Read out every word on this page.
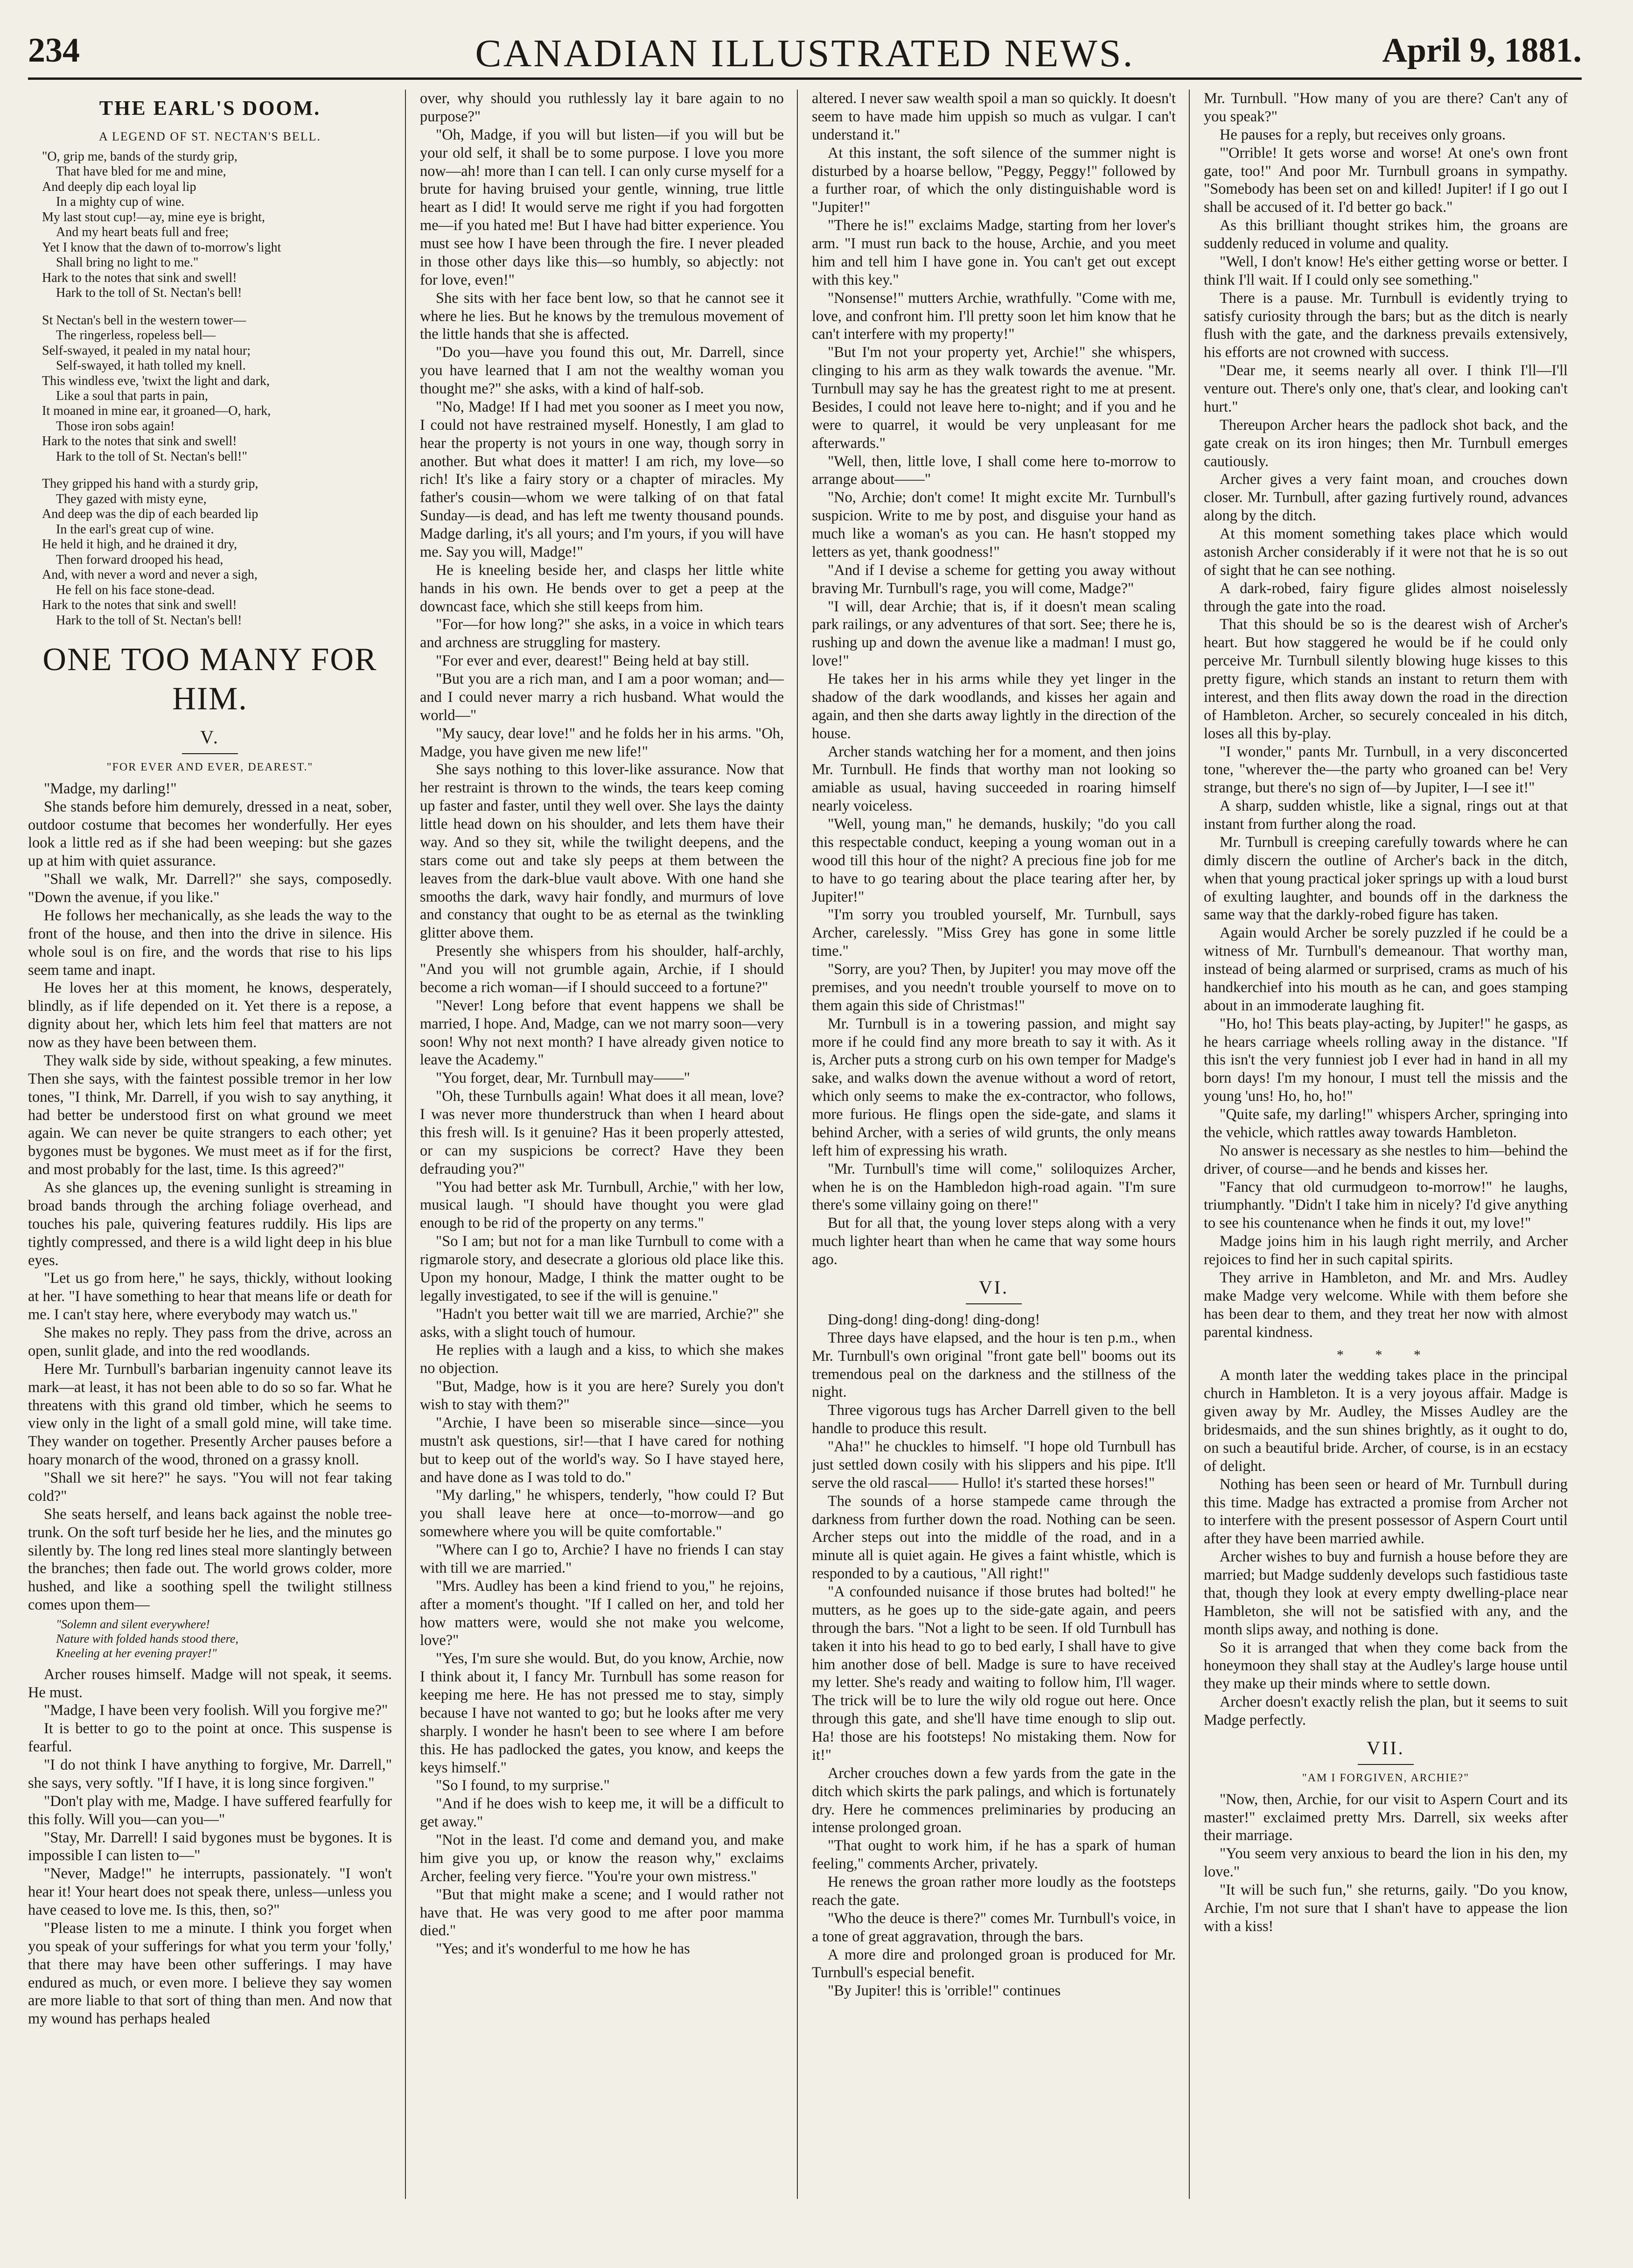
234	CANADIAN ILLUSTRATED NEWS.	April 9, 1881.
THE EARL'S DOOM.
A LEGEND OF ST. NECTAN'S BELL.
"O, grip me, bands of the sturdy grip,
That have bled for me and mine,
And deeply dip each loyal lip
In a mighty cup of wine.
My last stout cup!—ay, mine eye is bright,
And my heart beats full and free;
Yet I know that the dawn of to-morrow's light
Shall bring no light to me."
Hark to the notes that sink and swell!
Hark to the toll of St. Nectan's bell!
St Nectan's bell in the western tower—
The ringerless, ropeless bell—
Self-swayed, it pealed in my natal hour;
Self-swayed, it hath tolled my knell.
This windless eve, 'twixt the light and dark,
Like a soul that parts in pain,
It moaned in mine ear, it groaned—O, hark,
Those iron sobs again!
Hark to the notes that sink and swell!
Hark to the toll of St. Nectan's bell!"
They gripped his hand with a sturdy grip,
They gazed with misty eyne,
And deep was the dip of each bearded lip
In the earl's great cup of wine.
He held it high, and he drained it dry,
Then forward drooped his head,
And, with never a word and never a sigh,
He fell on his face stone-dead.
Hark to the notes that sink and swell!
Hark to the toll of St. Nectan's bell!
ONE TOO MANY FOR HIM.
V.
"FOR EVER AND EVER, DEAREST."

"Madge, my darling!"

She stands before him demurely, dressed in a neat, sober, outdoor costume that becomes her wonderfully. Her eyes look a little red as if she had been weeping: but she gazes up at him with quiet assurance.

"Shall we walk, Mr. Darrell?" she says, composedly. "Down the avenue, if you like."

He follows her mechanically, as she leads the way to the front of the house, and then into the drive in silence. His whole soul is on fire, and the words that rise to his lips seem tame and inapt.

He loves her at this moment, he knows, desperately, blindly, as if life depended on it. Yet there is a repose, a dignity about her, which lets him feel that matters are not now as they have been between them.

They walk side by side, without speaking, a few minutes. Then she says, with the faintest possible tremor in her low tones, "I think, Mr. Darrell, if you wish to say anything, it had better be understood first on what ground we meet again. We can never be quite strangers to each other; yet bygones must be bygones. We must meet as if for the first, and most probably for the last, time. Is this agreed?"

As she glances up, the evening sunlight is streaming in broad bands through the arching foliage overhead, and touches his pale, quivering features ruddily. His lips are tightly compressed, and there is a wild light deep in his blue eyes.

"Let us go from here," he says, thickly, without looking at her. "I have something to hear that means life or death for me. I can't stay here, where everybody may watch us."

She makes no reply. They pass from the drive, across an open, sunlit glade, and into the red woodlands.

Here Mr. Turnbull's barbarian ingenuity cannot leave its mark—at least, it has not been able to do so so far. What he threatens with this grand old timber, which he seems to view only in the light of a small gold mine, will take time. They wander on together. Presently Archer pauses before a hoary monarch of the wood, throned on a grassy knoll.

"Shall we sit here?" he says. "You will not fear taking cold?"

She seats herself, and leans back against the noble tree-trunk. On the soft turf beside her he lies, and the minutes go silently by. The long red lines steal more slantingly between the branches; then fade out. The world grows colder, more hushed, and like a soothing spell the twilight stillness comes upon them—

"Solemn and silent everywhere!
Nature with folded hands stood there,
Kneeling at her evening prayer!"

Archer rouses himself. Madge will not speak, it seems. He must.

"Madge, I have been very foolish. Will you forgive me?"

It is better to go to the point at once. This suspense is fearful.

"I do not think I have anything to forgive, Mr. Darrell," she says, very softly. "If I have, it is long since forgiven."

"Don't play with me, Madge. I have suffered fearfully for this folly. Will you—can you—"

"Stay, Mr. Darrell! I said bygones must be bygones. It is impossible I can listen to—"

"Never, Madge!" he interrupts, passionately. "I won't hear it! Your heart does not speak there, unless—unless you have ceased to love me. Is this, then, so?"

"Please listen to me a minute. I think you forget when you speak of your sufferings for what you term your 'folly,' that there may have been other sufferings. I may have endured as much, or even more. I believe they say women are more liable to that sort of thing than men. And now that my wound has perhaps healed

over, why should you ruthlessly lay it bare again to no purpose?"

"Oh, Madge, if you will but listen—if you will but be your old self, it shall be to some purpose. I love you more now—ah! more than I can tell. I can only curse myself for a brute for having bruised your gentle, winning, true little heart as I did! It would serve me right if you had forgotten me—if you hated me! But I have had bitter experience. You must see how I have been through the fire. I never pleaded in those other days like this—so humbly, so abjectly: not for love, even!"

She sits with her face bent low, so that he cannot see it where he lies. But he knows by the tremulous movement of the little hands that she is affected.

"Do you—have you found this out, Mr. Darrell, since you have learned that I am not the wealthy woman you thought me?" she asks, with a kind of half-sob.

"No, Madge! If I had met you sooner as I meet you now, I could not have restrained myself. Honestly, I am glad to hear the property is not yours in one way, though sorry in another. But what does it matter! I am rich, my love—so rich! It's like a fairy story or a chapter of miracles. My father's cousin—whom we were talking of on that fatal Sunday—is dead, and has left me twenty thousand pounds. Madge darling, it's all yours; and I'm yours, if you will have me. Say you will, Madge!"

He is kneeling beside her, and clasps her little white hands in his own. He bends over to get a peep at the downcast face, which she still keeps from him.

"For—for how long?" she asks, in a voice in which tears and archness are struggling for mastery.

"For ever and ever, dearest!" Being held at bay still.

"But you are a rich man, and I am a poor woman; and—and I could never marry a rich husband. What would the world—"

"My saucy, dear love!" and he folds her in his arms. "Oh, Madge, you have given me new life!"

She says nothing to this lover-like assurance. Now that her restraint is thrown to the winds, the tears keep coming up faster and faster, until they well over. She lays the dainty little head down on his shoulder, and lets them have their way. And so they sit, while the twilight deepens, and the stars come out and take sly peeps at them between the leaves from the dark-blue vault above. With one hand she smooths the dark, wavy hair fondly, and murmurs of love and constancy that ought to be as eternal as the twinkling glitter above them.

Presently she whispers from his shoulder, half-archly, "And you will not grumble again, Archie, if I should become a rich woman—if I should succeed to a fortune?"

"Never! Long before that event happens we shall be married, I hope. And, Madge, can we not marry soon—very soon! Why not next month? I have already given notice to leave the Academy."

"You forget, dear, Mr. Turnbull may——"

"Oh, these Turnbulls again! What does it all mean, love? I was never more thunderstruck than when I heard about this fresh will. Is it genuine? Has it been properly attested, or can my suspicions be correct? Have they been defrauding you?"

"You had better ask Mr. Turnbull, Archie," with her low, musical laugh. "I should have thought you were glad enough to be rid of the property on any terms."

"So I am; but not for a man like Turnbull to come with a rigmarole story, and desecrate a glorious old place like this. Upon my honour, Madge, I think the matter ought to be legally investigated, to see if the will is genuine."

"Hadn't you better wait till we are married, Archie?" she asks, with a slight touch of humour.

He replies with a laugh and a kiss, to which she makes no objection.

"But, Madge, how is it you are here? Surely you don't wish to stay with them?"

"Archie, I have been so miserable since—since—you mustn't ask questions, sir!—that I have cared for nothing but to keep out of the world's way. So I have stayed here, and have done as I was told to do."

"My darling," he whispers, tenderly, "how could I? But you shall leave here at once—to-morrow—and go somewhere where you will be quite comfortable."

"Where can I go to, Archie? I have no friends I can stay with till we are married."

"Mrs. Audley has been a kind friend to you," he rejoins, after a moment's thought. "If I called on her, and told her how matters were, would she not make you welcome, love?"

"Yes, I'm sure she would. But, do you know, Archie, now I think about it, I fancy Mr. Turnbull has some reason for keeping me here. He has not pressed me to stay, simply because I have not wanted to go; but he looks after me very sharply. I wonder he hasn't been to see where I am before this. He has padlocked the gates, you know, and keeps the keys himself."

"So I found, to my surprise."

"And if he does wish to keep me, it will be a difficult to get away."

"Not in the least. I'd come and demand you, and make him give you up, or know the reason why," exclaims Archer, feeling very fierce. "You're your own mistress."

"But that might make a scene; and I would rather not have that. He was very good to me after poor mamma died."

"Yes; and it's wonderful to me how he has

altered. I never saw wealth spoil a man so quickly. It doesn't seem to have made him uppish so much as vulgar. I can't understand it."

At this instant, the soft silence of the summer night is disturbed by a hoarse bellow, "Peggy, Peggy!" followed by a further roar, of which the only distinguishable word is "Jupiter!"

"There he is!" exclaims Madge, starting from her lover's arm. "I must run back to the house, Archie, and you meet him and tell him I have gone in. You can't get out except with this key."

"Nonsense!" mutters Archie, wrathfully. "Come with me, love, and confront him. I'll pretty soon let him know that he can't interfere with my property!"

"But I'm not your property yet, Archie!" she whispers, clinging to his arm as they walk towards the avenue. "Mr. Turnbull may say he has the greatest right to me at present. Besides, I could not leave here to-night; and if you and he were to quarrel, it would be very unpleasant for me afterwards."

"Well, then, little love, I shall come here to-morrow to arrange about——"

"No, Archie; don't come! It might excite Mr. Turnbull's suspicion. Write to me by post, and disguise your hand as much like a woman's as you can. He hasn't stopped my letters as yet, thank goodness!"

"And if I devise a scheme for getting you away without braving Mr. Turnbull's rage, you will come, Madge?"

"I will, dear Archie; that is, if it doesn't mean scaling park railings, or any adventures of that sort. See; there he is, rushing up and down the avenue like a madman! I must go, love!"

He takes her in his arms while they yet linger in the shadow of the dark woodlands, and kisses her again and again, and then she darts away lightly in the direction of the house.

Archer stands watching her for a moment, and then joins Mr. Turnbull. He finds that worthy man not looking so amiable as usual, having succeeded in roaring himself nearly voiceless.

"Well, young man," he demands, huskily; "do you call this respectable conduct, keeping a young woman out in a wood till this hour of the night? A precious fine job for me to have to go tearing about the place tearing after her, by Jupiter!"

"I'm sorry you troubled yourself, Mr. Turnbull, says Archer, carelessly. "Miss Grey has gone in some little time."

"Sorry, are you? Then, by Jupiter! you may move off the premises, and you needn't trouble yourself to move on to them again this side of Christmas!"

Mr. Turnbull is in a towering passion, and might say more if he could find any more breath to say it with. As it is, Archer puts a strong curb on his own temper for Madge's sake, and walks down the avenue without a word of retort, which only seems to make the ex-contractor, who follows, more furious. He flings open the side-gate, and slams it behind Archer, with a series of wild grunts, the only means left him of expressing his wrath.

"Mr. Turnbull's time will come," soliloquizes Archer, when he is on the Hambledon high-road again. "I'm sure there's some villainy going on there!"

But for all that, the young lover steps along with a very much lighter heart than when he came that way some hours ago.

VI.

Ding-dong! ding-dong! ding-dong!

Three days have elapsed, and the hour is ten p.m., when Mr. Turnbull's own original "front gate bell" booms out its tremendous peal on the darkness and the stillness of the night.

Three vigorous tugs has Archer Darrell given to the bell handle to produce this result.

"Aha!" he chuckles to himself. "I hope old Turnbull has just settled down cosily with his slippers and his pipe. It'll serve the old rascal—— Hullo! it's started these horses!"

The sounds of a horse stampede came through the darkness from further down the road. Nothing can be seen. Archer steps out into the middle of the road, and in a minute all is quiet again. He gives a faint whistle, which is responded to by a cautious, "All right!"

"A confounded nuisance if those brutes had bolted!" he mutters, as he goes up to the side-gate again, and peers through the bars. "Not a light to be seen. If old Turnbull has taken it into his head to go to bed early, I shall have to give him another dose of bell. Madge is sure to have received my letter. She's ready and waiting to follow him, I'll wager. The trick will be to lure the wily old rogue out here. Once through this gate, and she'll have time enough to slip out. Ha! those are his footsteps! No mistaking them. Now for it!"

Archer crouches down a few yards from the gate in the ditch which skirts the park palings, and which is fortunately dry. Here he commences preliminaries by producing an intense prolonged groan.

"That ought to work him, if he has a spark of human feeling," comments Archer, privately.

He renews the groan rather more loudly as the footsteps reach the gate.

"Who the deuce is there?" comes Mr. Turnbull's voice, in a tone of great aggravation, through the bars.

A more dire and prolonged groan is produced for Mr. Turnbull's especial benefit.

"By Jupiter! this is 'orrible!" continues

Mr. Turnbull. "How many of you are there? Can't any of you speak?"

He pauses for a reply, but receives only groans.

"'Orrible! It gets worse and worse! At one's own front gate, too!" And poor Mr. Turnbull groans in sympathy. "Somebody has been set on and killed! Jupiter! if I go out I shall be accused of it. I'd better go back."

As this brilliant thought strikes him, the groans are suddenly reduced in volume and quality.

"Well, I don't know! He's either getting worse or better. I think I'll wait. If I could only see something."

There is a pause. Mr. Turnbull is evidently trying to satisfy curiosity through the bars; but as the ditch is nearly flush with the gate, and the darkness prevails extensively, his efforts are not crowned with success.

"Dear me, it seems nearly all over. I think I'll—I'll venture out. There's only one, that's clear, and looking can't hurt."

Thereupon Archer hears the padlock shot back, and the gate creak on its iron hinges; then Mr. Turnbull emerges cautiously.

Archer gives a very faint moan, and crouches down closer. Mr. Turnbull, after gazing furtively round, advances along by the ditch.

At this moment something takes place which would astonish Archer considerably if it were not that he is so out of sight that he can see nothing.

A dark-robed, fairy figure glides almost noiselessly through the gate into the road.

That this should be so is the dearest wish of Archer's heart. But how staggered he would be if he could only perceive Mr. Turnbull silently blowing huge kisses to this pretty figure, which stands an instant to return them with interest, and then flits away down the road in the direction of Hambleton. Archer, so securely concealed in his ditch, loses all this by-play.

"I wonder," pants Mr. Turnbull, in a very disconcerted tone, "wherever the—the party who groaned can be! Very strange, but there's no sign of—by Jupiter, I—I see it!"

A sharp, sudden whistle, like a signal, rings out at that instant from further along the road.

Mr. Turnbull is creeping carefully towards where he can dimly discern the outline of Archer's back in the ditch, when that young practical joker springs up with a loud burst of exulting laughter, and bounds off in the darkness the same way that the darkly-robed figure has taken.

Again would Archer be sorely puzzled if he could be a witness of Mr. Turnbull's demeanour. That worthy man, instead of being alarmed or surprised, crams as much of his handkerchief into his mouth as he can, and goes stamping about in an immoderate laughing fit.

"Ho, ho! This beats play-acting, by Jupiter!" he gasps, as he hears carriage wheels rolling away in the distance. "If this isn't the very funniest job I ever had in hand in all my born days! I'm my honour, I must tell the missis and the young 'uns! Ho, ho, ho!"

"Quite safe, my darling!" whispers Archer, springing into the vehicle, which rattles away towards Hambleton.

No answer is necessary as she nestles to him—behind the driver, of course—and he bends and kisses her.

"Fancy that old curmudgeon to-morrow!" he laughs, triumphantly. "Didn't I take him in nicely? I'd give anything to see his countenance when he finds it out, my love!"

Madge joins him in his laugh right merrily, and Archer rejoices to find her in such capital spirits.

They arrive in Hambleton, and Mr. and Mrs. Audley make Madge very welcome. While with them before she has been dear to them, and they treat her now with almost parental kindness.

* * *

A month later the wedding takes place in the principal church in Hambleton. It is a very joyous affair. Madge is given away by Mr. Audley, the Misses Audley are the bridesmaids, and the sun shines brightly, as it ought to do, on such a beautiful bride. Archer, of course, is in an ecstacy of delight.

Nothing has been seen or heard of Mr. Turnbull during this time. Madge has extracted a promise from Archer not to interfere with the present possessor of Aspern Court until after they have been married awhile.

Archer wishes to buy and furnish a house before they are married; but Madge suddenly develops such fastidious taste that, though they look at every empty dwelling-place near Hambleton, she will not be satisfied with any, and the month slips away, and nothing is done.

So it is arranged that when they come back from the honeymoon they shall stay at the Audley's large house until they make up their minds where to settle down.

Archer doesn't exactly relish the plan, but it seems to suit Madge perfectly.

VII.
"AM I FORGIVEN, ARCHIE?"

"Now, then, Archie, for our visit to Aspern Court and its master!" exclaimed pretty Mrs. Darrell, six weeks after their marriage.

"You seem very anxious to beard the lion in his den, my love."

"It will be such fun," she returns, gaily. "Do you know, Archie, I'm not sure that I shan't have to appease the lion with a kiss!
